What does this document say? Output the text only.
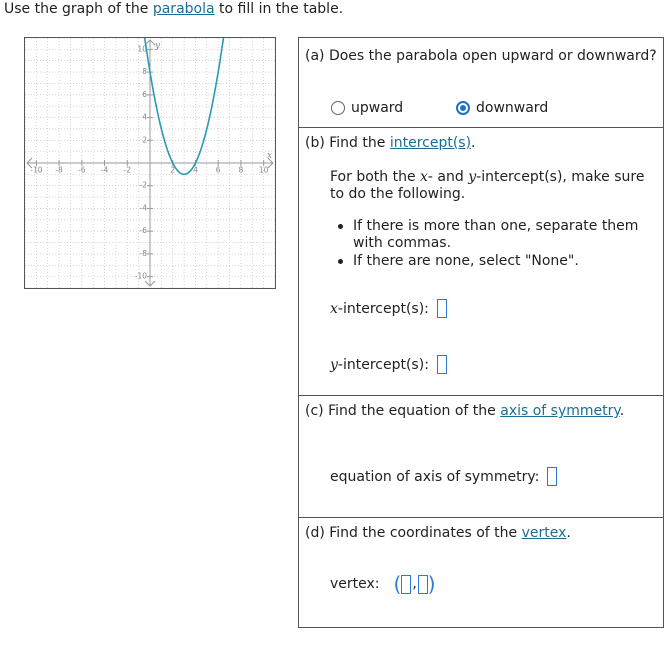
Use the graph of the parabola to fill in the table.
-10 -8 -6 -4 -2	2 4 6 8 10
10
8
6
4
2
-2
-4
-6
-8
-10
x
y
(a) Does the parabola open upward or downward?
upward	downward
(b) Find the intercept(s).
For both the x- and y-intercept(s), make sure to do the following.
If there is more than one, separate them with commas.
If there are none, select "None".
x -intercept(s):
y -intercept(s):
(c) Find the equation of the axis of symmetry.
equation of axis of symmetry:
(d) Find the coordinates of the vertex.
vertex: ( , )
